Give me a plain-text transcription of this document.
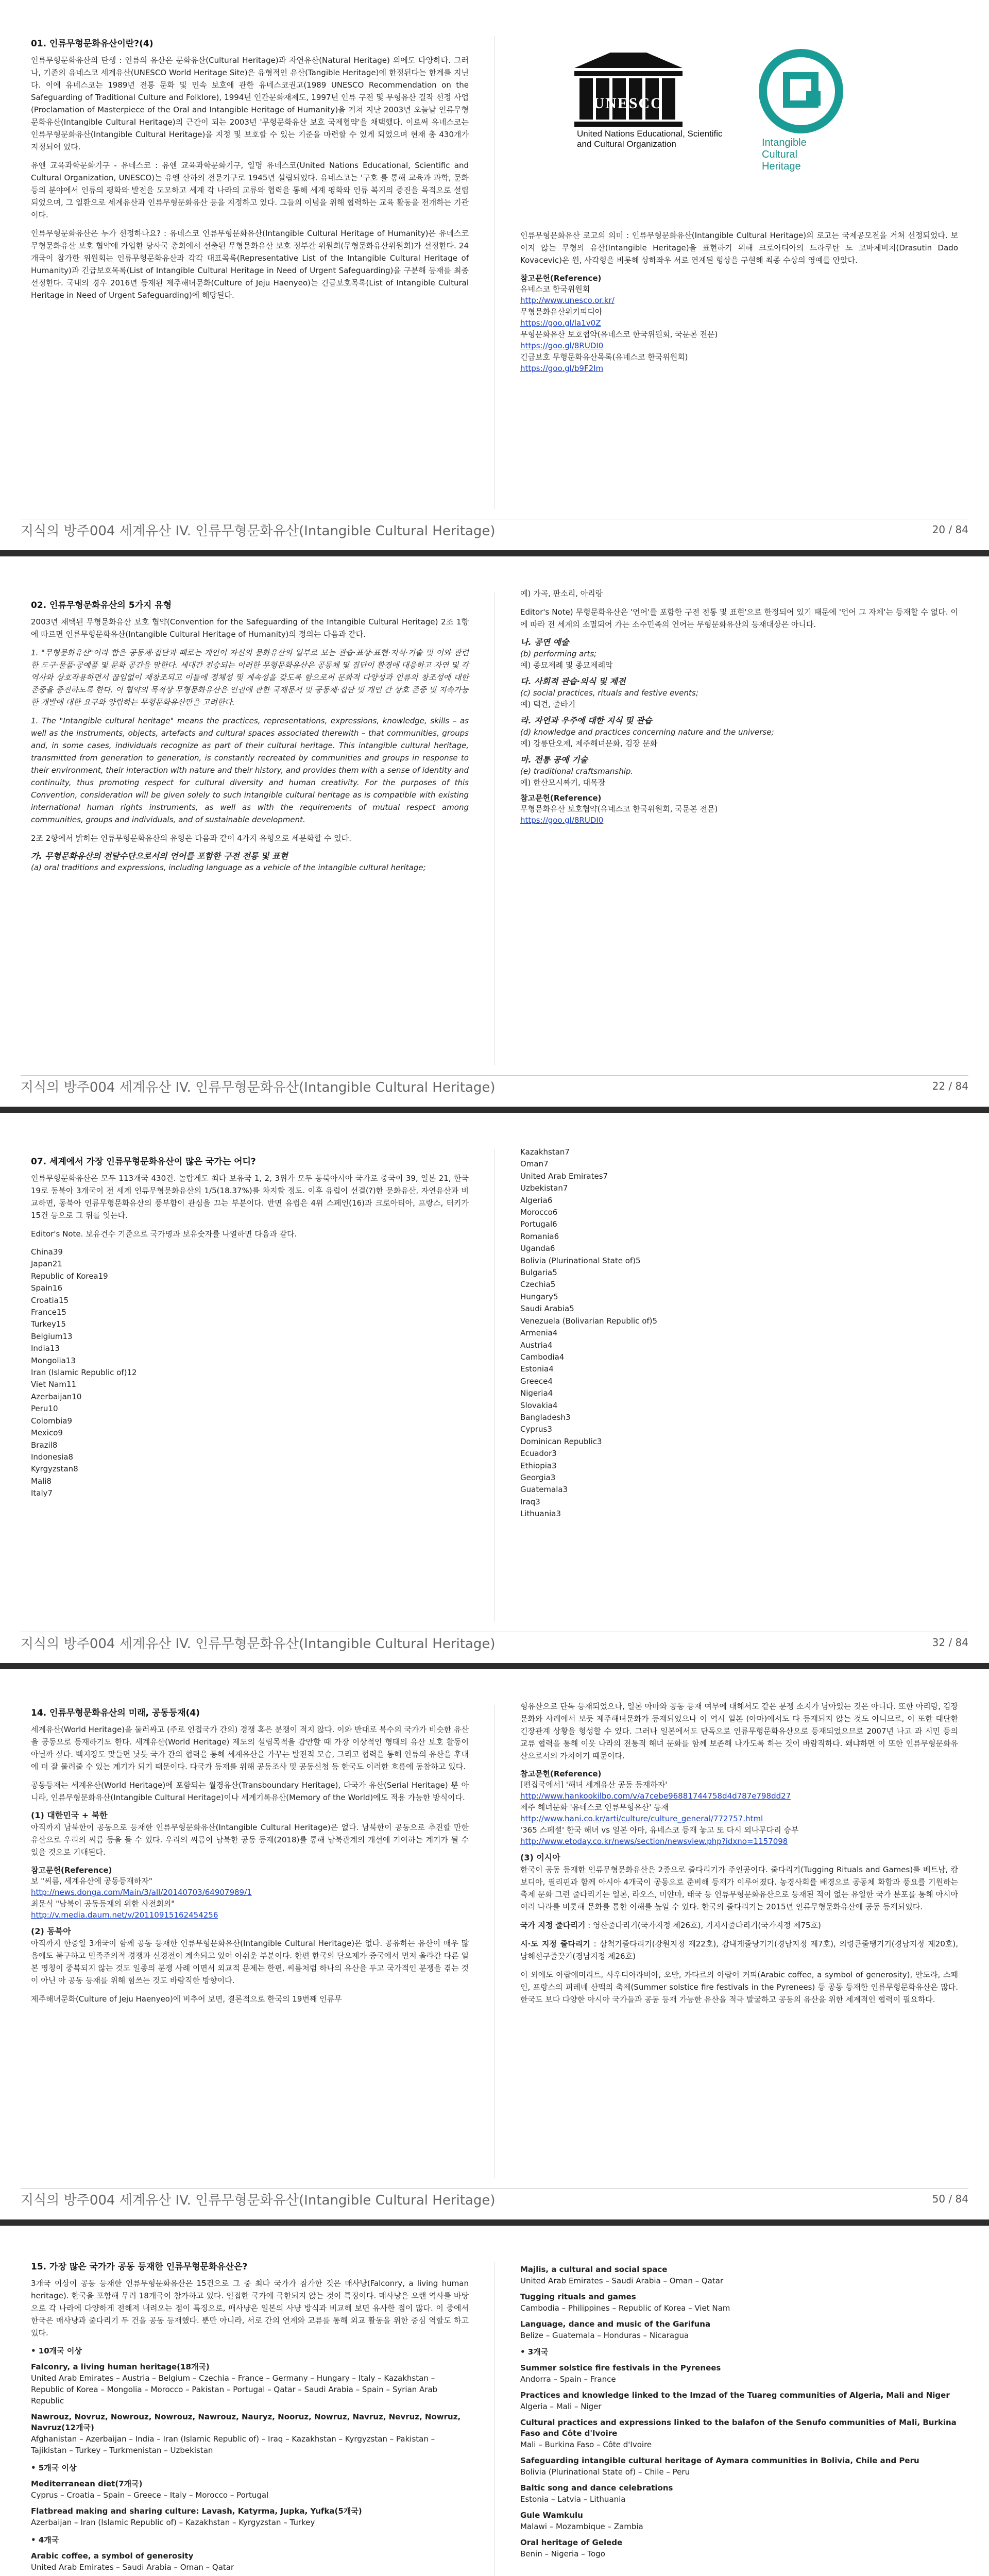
01. 인류무형문화유산이란?(4)

인류무형문화유산의 탄생 : 인류의 유산은 문화유산(Cultural Heritage)과 자연유산(Natural Heritage) 외에도 다양하다. 그러나, 기존의 유네스코 세계유산(UNESCO World Heritage Site)은 유형적인 유산(Tangible Heritage)에 한정된다는 한계를 지닌다. 이에 유네스코는 1989년 전통 문화 및 민속 보호에 관한 유네스코권고(1989 UNESCO Recommendation on the Safeguarding of Traditional Culture and Folklore), 1994년 인간문화재제도, 1997년 인류 구전 및 무형유산 걸작 선정 사업(Proclamation of Masterpiece of the Oral and Intangible Heritage of Humanity)을 거쳐 지난 2003년 오늘날 인류무형문화유산(Intangible Cultural Heritage)의 근간이 되는 2003년 '무형문화유산 보호 국제협약'을 채택했다. 이로써 유네스코는 인류무형문화유산(Intangible Cultural Heritage)을 지정 및 보호할 수 있는 기준을 마련할 수 있게 되었으며 현재 총 430개가 지정되어 있다.

유엔 교육과학문화기구 - 유네스코 : 유엔 교육과학문화기구, 일명 유네스코(United Nations Educational, Scientific and Cultural Organization, UNESCO)는 유엔 산하의 전문기구로 1945년 설립되었다. 유네스코는 '구호 를 통해 교육과 과학, 문화 등의 분야에서 인류의 평화와 발전을 도모하고 세계 각 나라의 교류와 협력을 통해 세계 평화와 인류 복지의 증진을 목적으로 설립되었으며, 그 일환으로 세계유산과 인류무형문화유산 등을 지정하고 있다. 그들의 이념을 위해 협력하는 교육 활동을 전개하는 기관이다.

인류무형문화유산은 누가 선정하나요? : 유네스코 인류무형문화유산(Intangible Cultural Heritage of Humanity)은 유네스코 무형문화유산 보호 협약에 가입한 당사국 총회에서 선출된 무형문화유산 보호 정부간 위원회(무형문화유산위원회)가 선정한다. 24개국이 참가한 위원회는 인류무형문화유산과 각각 대표목록(Representative List of the Intangible Cultural Heritage of Humanity)과 긴급보호목록(List of Intangible Cultural Heritage in Need of Urgent Safeguarding)을 구분해 등재를 최종 선정한다. 국내의 경우 2016년 등재된 제주해녀문화(Culture of Jeju Haenyeo)는 긴급보호목록(List of Intangible Cultural Heritage in Need of Urgent Safeguarding)에 해당된다.

UNESCO
United Nations Educational, Scientific and Cultural Organization	Intangible Cultural Heritage

인류무형문화유산 로고의 의미 : 인류무형문화유산(Intangible Cultural Heritage)의 로고는 국제공모전을 거쳐 선정되었다. 보이지 않는 무형의 유산(Intangible Heritage)을 표현하기 위해 크로아티아의 드라쿠탄 도 코바체비치(Drasutin Dado Kovacevic)은 원, 사각형을 비롯해 상하좌우 서로 연계된 형상을 구현해 최종 수상의 영예를 안았다.

참고문헌(Reference)
유네스코 한국위원회
http://www.unesco.or.kr/
무형문화유산위키피디아
https://goo.gl/la1v0Z
무형문화유산 보호협약(유네스코 한국위원회, 국문본 전문)
https://goo.gl/8RUDI0
긴급보호 무형문화유산목록(유네스코 한국위원회)
https://goo.gl/b9F2Im
지식의 방주004 세계유산 IV. 인류무형문화유산(Intangible Cultural Heritage)	20 / 84
02. 인류무형문화유산의 5가지 유형

2003년 채택된 무형문화유산 보호 협약(Convention for the Safeguarding of the Intangible Cultural Heritage) 2조 1항에 따르면 인류무형문화유산(Intangible Cultural Heritage of Humanity)의 정의는 다음과 같다.

1. "무형문화유산"이라 함은 공동체·집단과 때로는 개인이 자신의 문화유산의 일부로 보는 관습·표상·표현·지식·기술 및 이와 관련한 도구·물품·공예품 및 문화 공간을 말한다. 세대간 전승되는 이러한 무형문화유산은 공동체 및 집단이 환경에 대응하고 자연 및 각 역사와 상호작용하면서 끊임없이 재창조되고 이들에 정체성 및 계속성을 갖도록 함으로써 문화적 다양성과 인류의 창조성에 대한 존중을 증진하도록 한다. 이 협약의 목적상 무형문화유산은 인권에 관한 국제문서 및 공동체·집단 및 개인 간 상호 존중 및 지속가능한 개발에 대한 요구와 양립하는 무형문화유산만을 고려한다.

1. The "Intangible cultural heritage" means the practices, representations, expressions, knowledge, skills – as well as the instruments, objects, artefacts and cultural spaces associated therewith – that communities, groups and, in some cases, individuals recognize as part of their cultural heritage. This intangible cultural heritage, transmitted from generation to generation, is constantly recreated by communities and groups in response to their environment, their interaction with nature and their history, and provides them with a sense of identity and continuity, thus promoting respect for cultural diversity and human creativity. For the purposes of this Convention, consideration will be given solely to such intangible cultural heritage as is compatible with existing international human rights instruments, as well as with the requirements of mutual respect among communities, groups and individuals, and of sustainable development.

2조 2항에서 밝히는 인류무형문화유산의 유형은 다음과 같이 4가지 유형으로 세분화할 수 있다.

가. 무형문화유산의 전달수단으로서의 언어를 포함한 구전 전통 및 표현
(a) oral traditions and expressions, including language as a vehicle of the intangible cultural heritage;

예) 가곡, 판소리, 아리랑

Editor's Note) 무형문화유산은 '언어'를 포함한 구전 전통 및 표현'으로 한정되어 있기 때문에 '언어 그 자체'는 등재할 수 없다. 이에 따라 전 세계의 소멸되어 가는 소수민족의 언어는 무형문화유산의 등재대상은 아니다.

나. 공연 예술
(b) performing arts;
예) 종묘제례 및 종묘제례악
다. 사회적 관습·의식 및 제전
(c) social practices, rituals and festive events;
예) 택견, 줄타기
라. 자연과 우주에 대한 지식 및 관습
(d) knowledge and practices concerning nature and the universe;
예) 강릉단오제, 제주해녀문화, 김장 문화
마. 전통 공예 기술
(e) traditional craftsmanship.
예) 한산모시짜기, 대목장
참고문헌(Reference)
무형문화유산 보호협약(유네스코 한국위원회, 국문본 전문)
https://goo.gl/8RUDI0
지식의 방주004 세계유산 IV. 인류무형문화유산(Intangible Cultural Heritage)	22 / 84
07. 세계에서 가장 인류무형문화유산이 많은 국가는 어디?

인류무형문화유산은 모두 113개국 430건. 놀랍게도 최다 보유국 1, 2, 3위가 모두 동북아시아 국가로 중국이 39, 일본 21, 한국 19로 동북아 3개국이 전 세계 인류무형문화유산의 1/5(18.37%)를 차지할 정도. 이후 유럽이 선결(?)한 문화유산, 자연유산과 비교하면, 동북아 인류무형문화유산의 풍부함이 관심을 끄는 부분이다. 반면 유럽은 4위 스페인(16)과 크로아티아, 프랑스, 터키가 15건 등으로 그 뒤를 잇는다.

Editor's Note. 보유건수 기준으로 국가명과 보유숫자를 나열하면 다음과 같다.

China39
Japan21
Republic of Korea19
Spain16
Croatia15
France15
Turkey15
Belgium13
India13
Mongolia13
Iran (Islamic Republic of)12
Viet Nam11
Azerbaijan10
Peru10
Colombia9
Mexico9
Brazil8
Indonesia8
Kyrgyzstan8
Mali8
Italy7
Kazakhstan7
Oman7
United Arab Emirates7
Uzbekistan7
Algeria6
Morocco6
Portugal6
Romania6
Uganda6
Bolivia (Plurinational State of)5
Bulgaria5
Czechia5
Hungary5
Saudi Arabia5
Venezuela (Bolivarian Republic of)5
Armenia4
Austria4
Cambodia4
Estonia4
Greece4
Nigeria4
Slovakia4
Bangladesh3
Cyprus3
Dominican Republic3
Ecuador3
Ethiopia3
Georgia3
Guatemala3
Iraq3
Lithuania3
지식의 방주004 세계유산 IV. 인류무형문화유산(Intangible Cultural Heritage)	32 / 84
14. 인류무형문화유산의 미래, 공동등재(4)

세계유산(World Heritage)을 둘러싸고 (주로 인접국가 간의) 경쟁 혹은 분쟁이 적지 않다. 이와 반대로 복수의 국가가 비슷한 유산을 공동으로 등재하기도 한다. 세계유산(World Heritage) 제도의 설립목적을 감안할 때 가장 이상적인 형태의 유산 보호 활동이 아닐까 싶다. 백지장도 맞들면 낫듯 국가 간의 협력을 통해 세계유산을 가꾸는 발전적 모습, 그리고 협력을 통해 인류의 유산을 후대에 더 잘 물려줄 수 있는 계기가 되기 때문이다. 다국가 등재를 위해 공동조사 및 공동신청 등 한국도 이러한 흐름에 동참하고 있다.

공동등재는 세계유산(World Heritage)에 포함되는 월경유산(Transboundary Heritage), 다국가 유산(Serial Heritage) 뿐 아니라, 인류무형문화유산(Intangible Cultural Heritage)이나 세계기록유산(Memory of the World)에도 적용 가능한 방식이다.

(1) 대한민국 + 북한

아직까지 남북한이 공동으로 등재한 인류무형문화유산(Intangible Cultural Heritage)은 없다. 남북한이 공동으로 추진할 만한 유산으로 우리의 씨름 등을 들 수 있다. 우리의 씨름이 남북한 공동 등재(2018)를 통해 남북관계의 개선에 기여하는 계기가 될 수 있을 것으로 기대된다.

참고문헌(Reference)
보 "씨름, 세계유산에 공동등재하자"
http://news.donga.com/Main/3/all/20140703/64907989/1
최문식 "남북이 공동등재의 위한 사전회의"
http://v.media.daum.net/v/20110915162454256
(2) 동북아

아직까지 한중일 3개국이 함께 공동 등재한 인류무형문화유산(Intangible Cultural Heritage)은 없다. 공유하는 유산이 매우 많음에도 불구하고 민족주의적 경쟁과 신경전이 계속되고 있어 아쉬운 부분이다. 한편 한국의 단오제가 중국에서 먼저 올라간 다른 일본 명칭이 중복되지 않는 것도 일종의 분쟁 사례 이면서 외교적 문제는 한편, 씨름처럼 하나의 유산을 두고 국가적인 분쟁을 겪는 것이 아닌 아 공동 등재를 위해 힘쓰는 것도 바람직한 방향이다.

제주해녀문화(Culture of Jeju Haenyeo)에 비추어 보면, 결론적으로 한국의 19번째 인류무

형유산으로 단독 등재되었으나, 일본 아마와 공동 등재 여부에 대해서도 같은 분쟁 소지가 남아있는 것은 아니다. 또한 아리랑, 김장문화와 사례에서 보듯 제주해녀문화가 등재되었으나 이 역시 일본 (아마)에서도 다 등재되지 않는 것도 아니므로, 이 또한 대단한 긴장관계 상황을 형성할 수 있다. 그러나 일본에서도 단독으로 인류무형문화유산으로 등재되었으므로 2007년 나고 과 시민 등의 교류 협력을 통해 이웃 나라의 전통적 해녀 문화를 함께 보존해 나가도록 하는 것이 바람직하다. 왜냐하면 이 또한 인류무형문화유산으로서의 가치이기 때문이다.

참고문헌(Reference)
[편집국에서] '해녀 세계유산 공동 등재하자'
http://www.hankookilbo.com/v/a7cebe96881744758d4d787e798dd27
제주 해녀문화 '유네스코 인류무형유산' 등재
http://www.hani.co.kr/arti/culture/culture_general/772757.html
'365 스페셜' 한국 해녀 vs 일본 아마, 유네스코 등재 놓고 또 다시 외나무다리 승부
http://www.etoday.co.kr/news/section/newsview.php?idxno=1157098
(3) 이시아

한국이 공동 등재한 인류무형문화유산은 2종으로 줄다리기가 주인공이다. 줄다리기(Tugging Rituals and Games)를 베트남, 캄보디아, 필리핀과 함께 아시아 4개국이 공동으로 준비해 등재가 이루어졌다. 농경사회를 배경으로 공동체 화합과 풍요를 기원하는 축제 문화 그런 줄다리기는 일본, 라오스, 미얀마, 태국 등 인류무형문화유산으로 등재된 적이 없는 유일한 국가 분포를 통해 아시아 여러 나라를 비롯해 문화를 통한 이해를 높일 수 있다. 한국의 줄다리기는 2015년 인류무형문화유산에 공동 등재되었다.

국가 지정 줄다리기 : 영산줄다리기(국가지정 제26호), 기지시줄다리기(국가지정 제75호)

시·도 지정 줄다리기 : 삼척기줄다리기(강원지정 제22호), 감내게줄당기기(경남지정 제7호), 의령큰줄땡기기(경남지정 제20호), 남해선구줄끗기(경남지정 제26호)

이 외에도 아랍에미리트, 사우디아라비아, 오만, 카타르의 아랍어 커피(Arabic coffee, a symbol of generosity), 안도라, 스페인, 프랑스의 피레네 산맥의 축제(Summer solstice fire festivals in the Pyrenees) 등 공동 등재한 인류무형문화유산은 많다. 한국도 보다 다양한 아시아 국가들과 공동 등재 가능한 유산을 적극 발굴하고 공동의 유산을 위한 세계적인 협력이 필요하다.

지식의 방주004 세계유산 IV. 인류무형문화유산(Intangible Cultural Heritage)	50 / 84
15. 가장 많은 국가가 공동 등재한 인류무형문화유산은?

3개국 이상이 공동 등재한 인류무형문화유산은 15건으로 그 중 최다 국가가 참가한 것은 매사냥(Falconry, a living human heritage). 한국을 포함해 무려 18개국이 참가하고 있다. 인접한 국가에 국한되지 않는 것이 특징이다. 매사냥은 오랜 역사를 바탕으로 각 나라에 다양하게 전해져 내려오는 점이 특징으로, 매사냥은 일본의 사냥 방식과 비교해 보면 유사한 점이 많다. 이 중에서 한국은 매사냥과 줄다리기 두 건을 공동 등재했다. 뿐만 아니라, 서로 간의 연계와 교류를 통해 외교 활동을 위한 중심 역할도 하고 있다.

• 10개국 이상
Falconry, a living human heritage(18개국)
United Arab Emirates – Austria – Belgium – Czechia – France – Germany – Hungary – Italy – Kazakhstan – Republic of Korea – Mongolia – Morocco – Pakistan – Portugal – Qatar – Saudi Arabia – Spain – Syrian Arab Republic
Nawrouz, Novruz, Nowrouz, Nowrouz, Nawrouz, Nauryz, Nooruz, Nowruz, Navruz, Nevruz, Nowruz, Navruz(12개국)
Afghanistan – Azerbaijan – India – Iran (Islamic Republic of) – Iraq – Kazakhstan – Kyrgyzstan – Pakistan – Tajikistan – Turkey – Turkmenistan – Uzbekistan
• 5개국 이상
Mediterranean diet(7개국)
Cyprus – Croatia – Spain – Greece – Italy – Morocco – Portugal
Flatbread making and sharing culture: Lavash, Katyrma, Jupka, Yufka(5개국)
Azerbaijan – Iran (Islamic Republic of) – Kazakhstan – Kyrgyzstan – Turkey
• 4개국
Arabic coffee, a symbol of generosity
United Arab Emirates – Saudi Arabia – Oman – Qatar
Majlis, a cultural and social space
United Arab Emirates – Saudi Arabia – Oman – Qatar
Tugging rituals and games
Cambodia – Philippines – Republic of Korea – Viet Nam
Language, dance and music of the Garifuna
Belize – Guatemala – Honduras – Nicaragua
• 3개국
Summer solstice fire festivals in the Pyrenees
Andorra – Spain – France
Practices and knowledge linked to the Imzad of the Tuareg communities of Algeria, Mali and Niger
Algeria – Mali – Niger
Cultural practices and expressions linked to the balafon of the Senufo communities of Mali, Burkina Faso and Côte d'Ivoire
Mali – Burkina Faso – Côte d'Ivoire
Safeguarding intangible cultural heritage of Aymara communities in Bolivia, Chile and Peru
Bolivia (Plurinational State of) – Chile – Peru
Baltic song and dance celebrations
Estonia – Latvia – Lithuania
Gule Wamkulu
Malawi – Mozambique – Zambia
Oral heritage of Gelede
Benin – Nigeria – Togo
